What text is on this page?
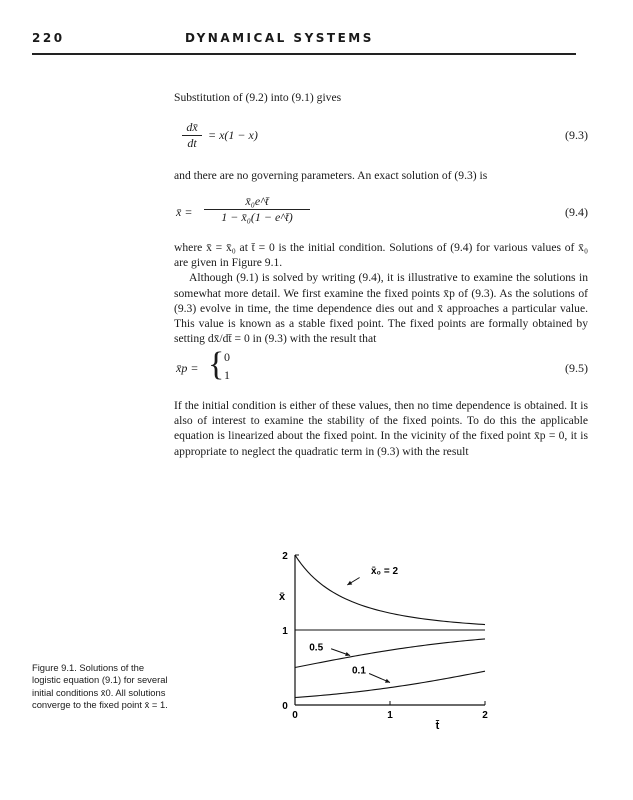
220	DYNAMICAL SYSTEMS

Substitution of (9.2) into (9.1) gives

$\frac{dx̄}{dt} = x(1 - x)$	(9.3)

and there are no governing parameters. An exact solution of (9.3) is

x̄ = $\frac{\text{x̄₀e\textasciicircum{}t̄}}{\text{1 − x̄₀(1 − e\textasciicircum{}t̄)}}$	(9.4)

where x̄ = x̄₀ at t̄ = 0 is the initial condition. Solutions of (9.4) for various values of x̄₀ are given in Figure 9.1.

Although (9.1) is solved by writing (9.4), it is illustrative to examine the solutions in somewhat more detail. We first examine the fixed points x̄p of (9.3). As the solutions of (9.3) evolve in time, the time dependence dies out and x̄ approaches a particular value. This value is known as a stable fixed point. The fixed points are formally obtained by setting dx̄/dt̄ = 0 in (9.3) with the result that

x̄p = { 0
1	(9.5)

If the initial condition is either of these values, then no time dependence is obtained. It is also of interest to examine the stability of the fixed points. To do this the applicable equation is linearized about the fixed point. In the vicinity of the fixed point x̄p = 0, it is appropriate to neglect the quadratic term in (9.3) with the result

Figure 9.1. Solutions of the logistic equation (9.1) for several initial conditions x̄0. All solutions converge to the fixed point x̄ = 1.	0
1
2
0	1	2
x̄
t̄
x̄₀ = 2
0.5
0.1
